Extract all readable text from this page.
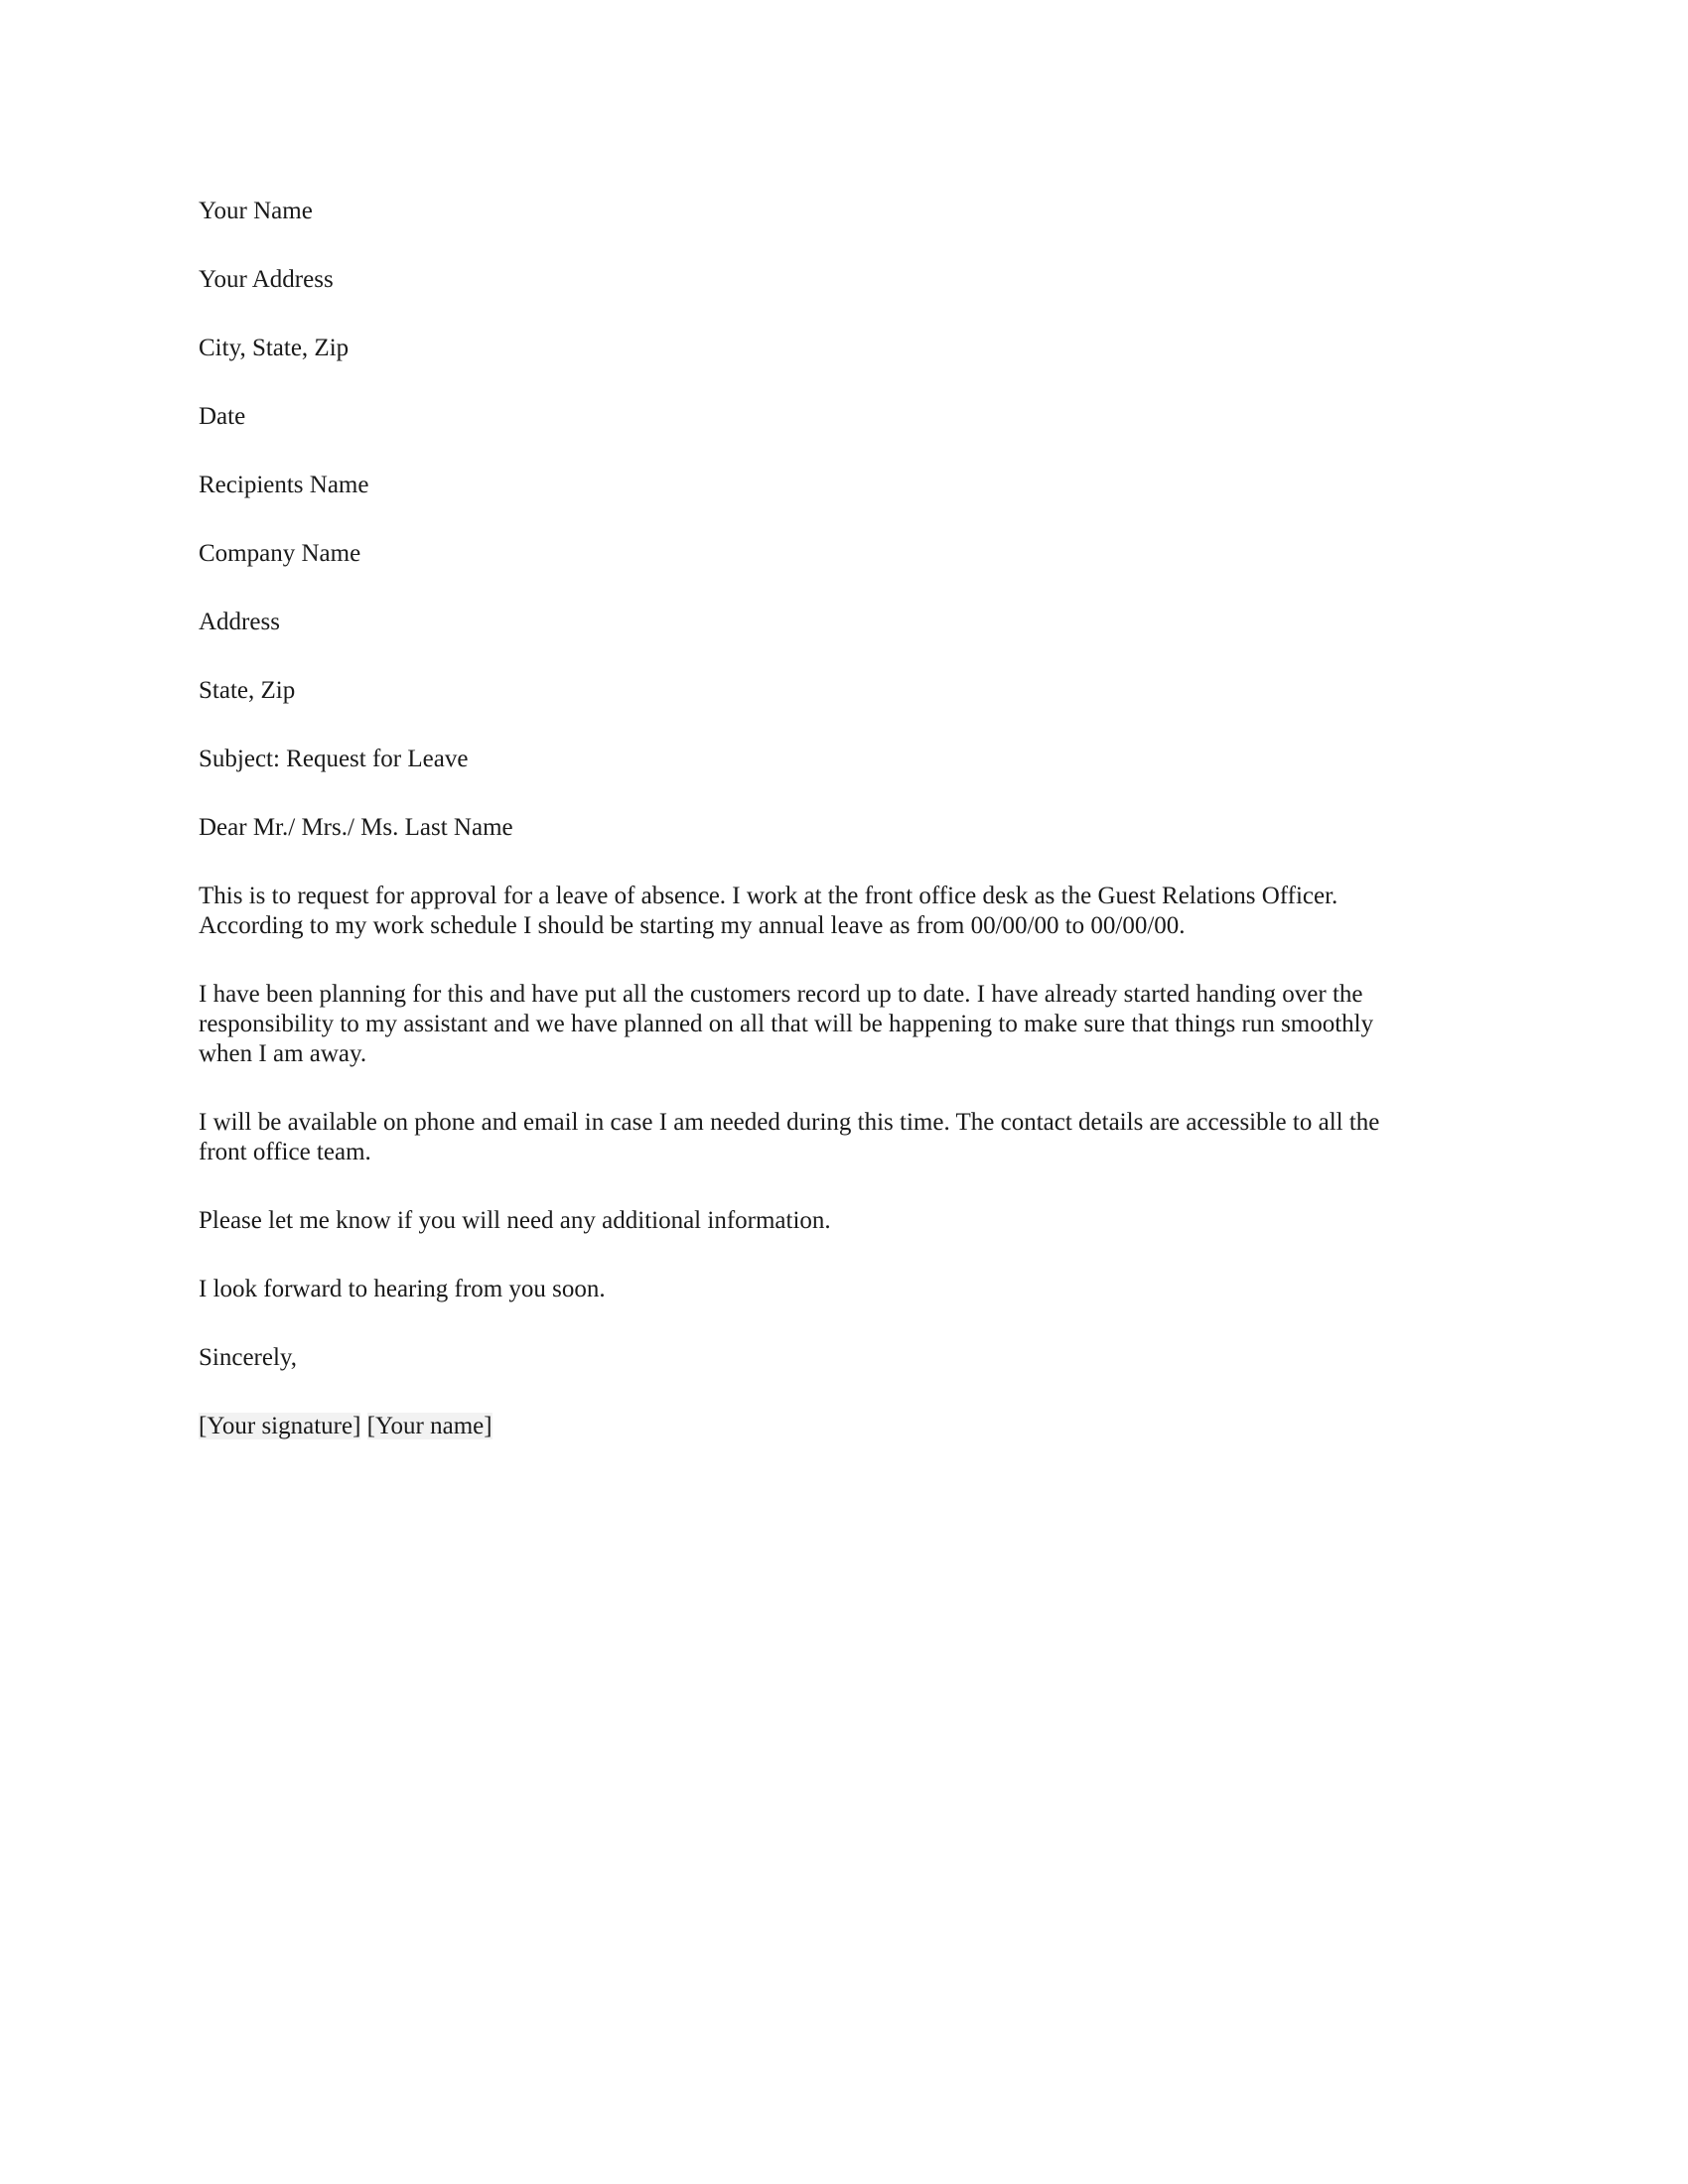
Your Name

Your Address

City, State, Zip

Date

Recipients Name

Company Name

Address

State, Zip

Subject: Request for Leave

Dear Mr./ Mrs./ Ms. Last Name

This is to request for approval for a leave of absence. I work at the front office desk as the Guest Relations Officer.
According to my work schedule I should be starting my annual leave as from 00/00/00 to 00/00/00.
I have been planning for this and have put all the customers record up to date. I have already started handing over the
responsibility to my assistant and we have planned on all that will be happening to make sure that things run smoothly
when I am away.
I will be available on phone and email in case I am needed during this time. The contact details are accessible to all the
front office team.

Please let me know if you will need any additional information.

I look forward to hearing from you soon.

Sincerely,

[Your signature] [Your name]
